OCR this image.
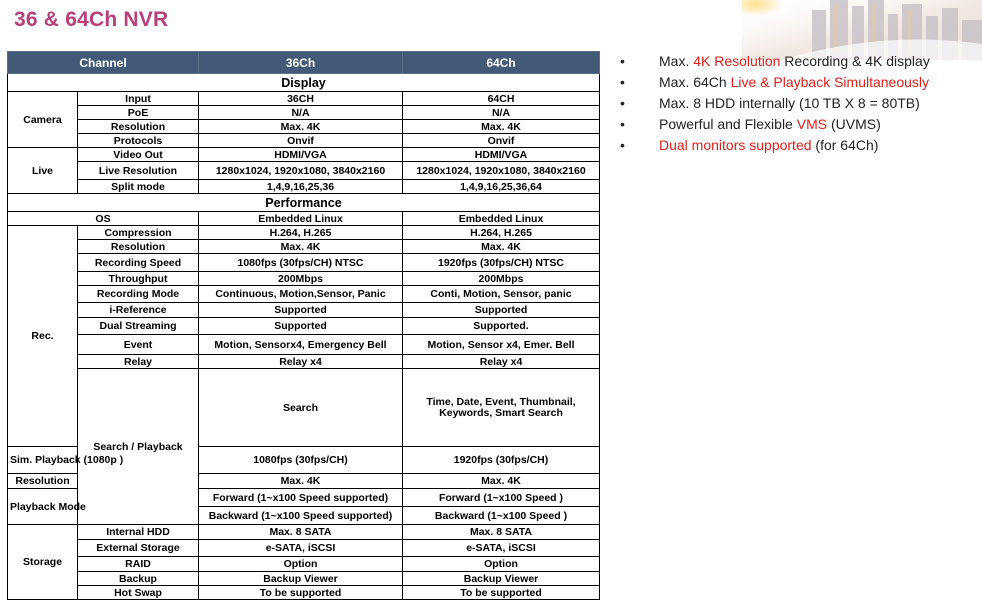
36 & 64Ch NVR
Channel		36Ch	64Ch	
Display				
Camera	Input	36CH	64CH	
	PoE	N/A	N/A	
	Resolution	Max. 4K	Max. 4K	
	Protocols	Onvif	Onvif	
Live	Video Out	HDMI/VGA	HDMI/VGA	
	Live Resolution	1280x1024, 1920x1080, 3840x2160	1280x1024, 1920x1080, 3840x2160	
	Split mode	1,4,9,16,25,36	1,4,9,16,25,36,64	
Performance				
OS		Embedded Linux	Embedded Linux	
Rec.	Compression	H.264, H.265	H.264, H.265	
	Resolution	Max. 4K	Max. 4K	
	Recording Speed	1080fps (30fps/CH) NTSC	1920fps (30fps/CH) NTSC	
	Throughput	200Mbps	200Mbps	
	Recording Mode	Continuous, Motion,Sensor, Panic	Conti, Motion, Sensor, panic	
	i-Reference	Supported	Supported	
	Dual Streaming	Supported	Supported.	
	Event	Motion, Sensorx4, Emergency Bell	Motion, Sensor x4, Emer. Bell	
	Relay	Relay x4	Relay x4	
	Search / Playback	Search	Time, Date, Event, Thumbnail, Keywords, Smart Search	
Sim. Playback (1080p )		1080fps (30fps/CH)	1920fps (30fps/CH)	
Resolution		Max. 4K	Max. 4K	
Playback Mode		Forward (1~x100 Speed supported)	Forward (1~x100 Speed )	
		Backward (1~x100 Speed supported)	Backward (1~x100 Speed )	
Storage	Internal HDD	Max. 8 SATA	Max. 8 SATA	
	External Storage	e-SATA, iSCSI	e-SATA, iSCSI	
	RAID	Option	Option	
	Backup	Backup Viewer	Backup Viewer	
	Hot Swap	To be supported	To be supported	
•	Max. 4K Resolution Recording & 4K display
•	Max. 64Ch Live & Playback Simultaneously
•	Max. 8 HDD internally (10 TB X 8 = 80TB)
•	Powerful and Flexible VMS (UVMS)
•	Dual monitors supported (for 64Ch)
